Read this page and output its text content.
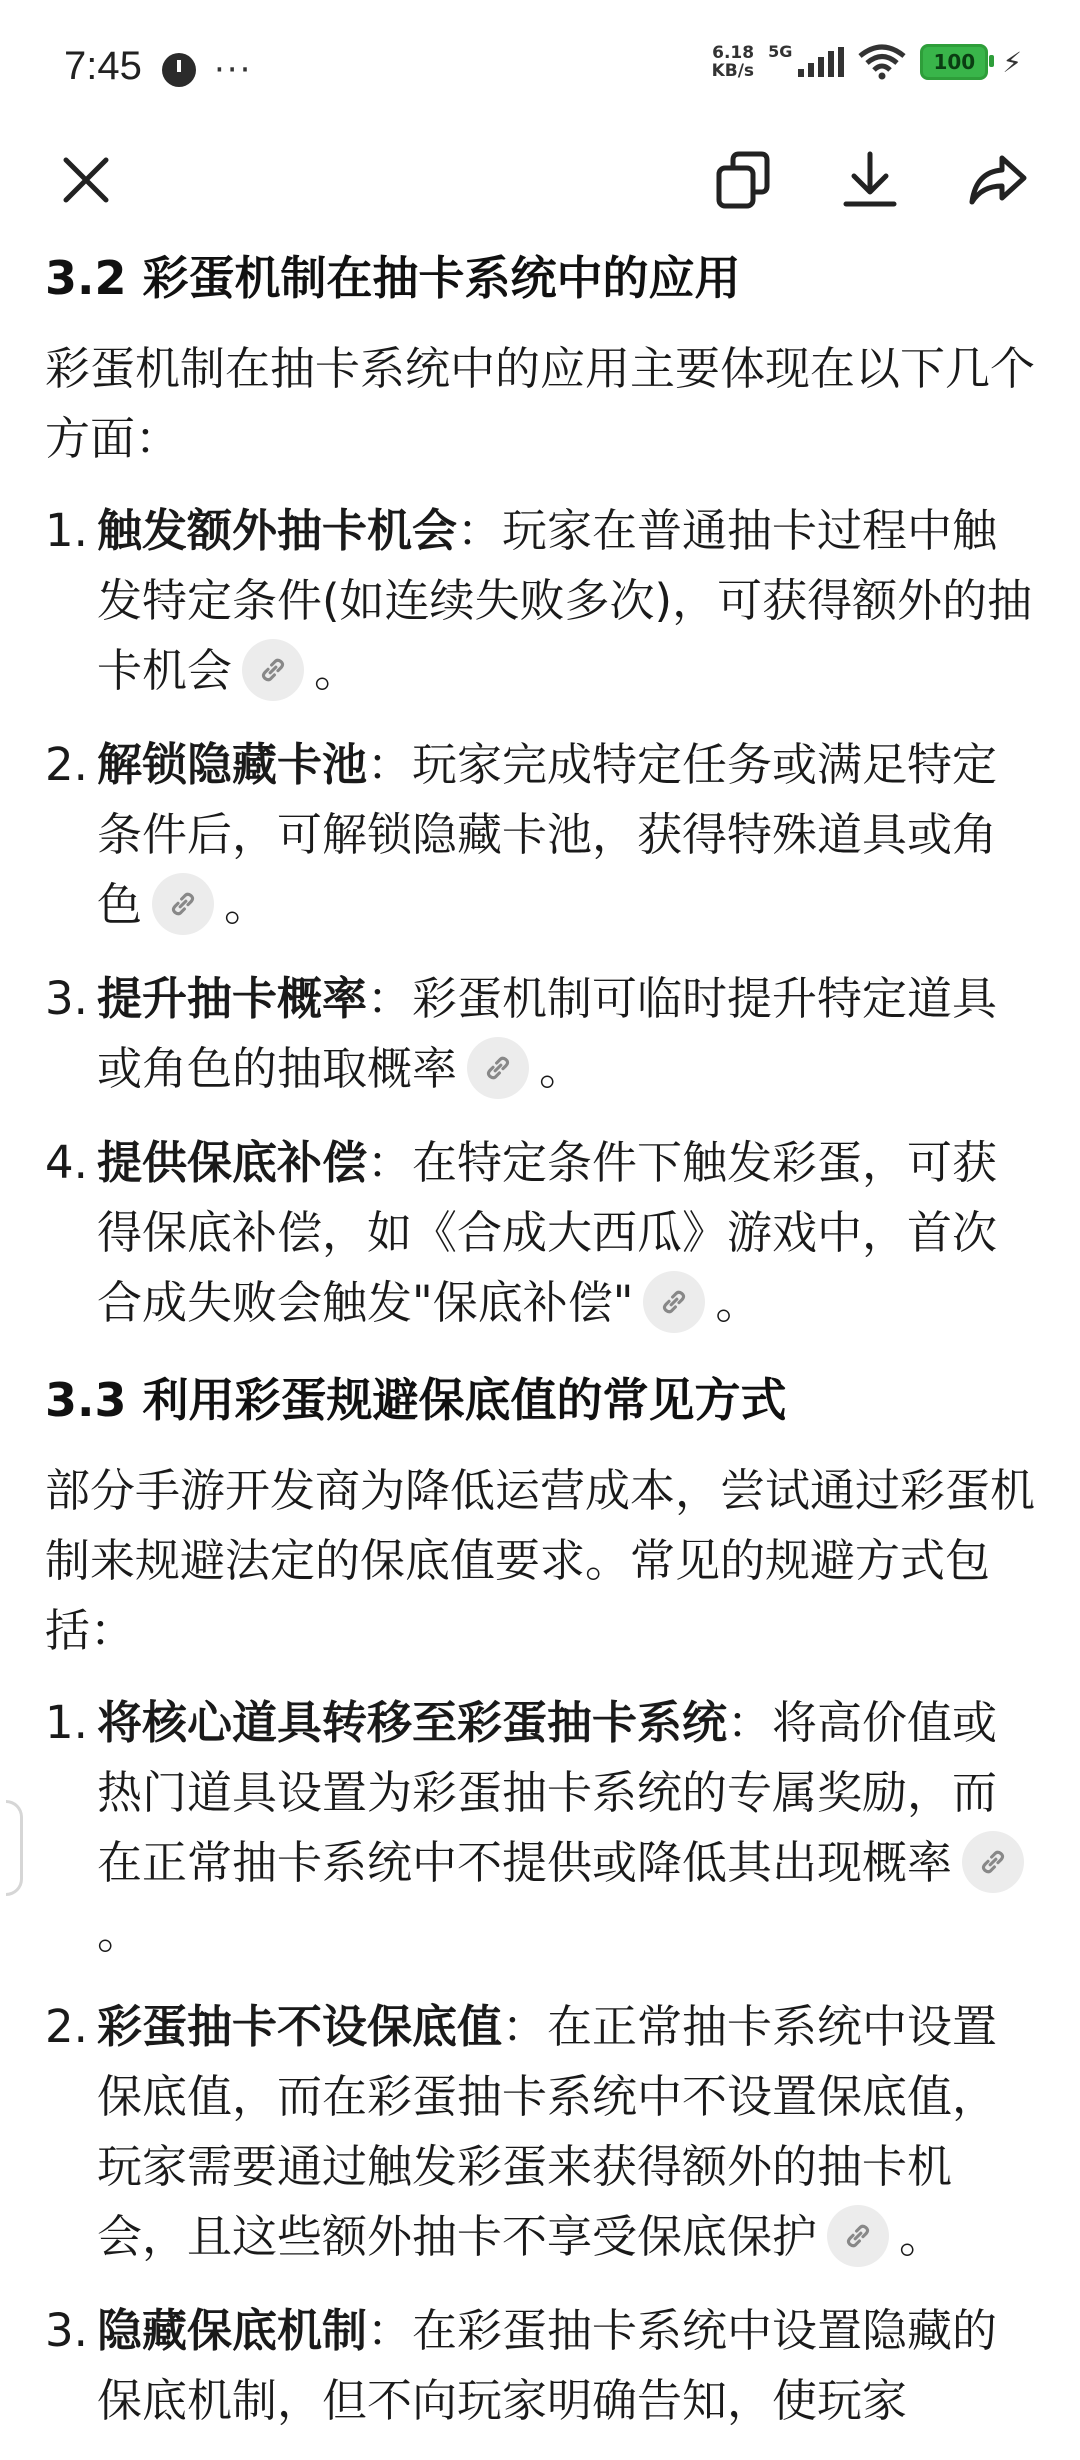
7:45 ···	6.18
KB/s
5G	100 ⚡
3.2 彩蛋机制在抽卡系统中的应用

彩蛋机制在抽卡系统中的应用主要体现在以下几个方面：

1. 触发额外抽卡机会：玩家在普通抽卡过程中触发特定条件(如连续失败多次)，可获得额外的抽卡机会 。
2. 解锁隐藏卡池：玩家完成特定任务或满足特定条件后，可解锁隐藏卡池，获得特殊道具或角色 。
3. 提升抽卡概率：彩蛋机制可临时提升特定道具或角色的抽取概率 。
4. 提供保底补偿：在特定条件下触发彩蛋，可获得保底补偿，如《合成大西瓜》游戏中，首次合成失败会触发"保底补偿" 。
3.3 利用彩蛋规避保底值的常见方式

部分手游开发商为降低运营成本，尝试通过彩蛋机制来规避法定的保底值要求。常见的规避方式包括：

1. 将核心道具转移至彩蛋抽卡系统：将高价值或热门道具设置为彩蛋抽卡系统的专属奖励，而在正常抽卡系统中不提供或降低其出现概率
。
2. 彩蛋抽卡不设保底值：在正常抽卡系统中设置保底值，而在彩蛋抽卡系统中不设置保底值，玩家需要通过触发彩蛋来获得额外的抽卡机会，且这些额外抽卡不享受保底保护 。
3. 隐藏保底机制：在彩蛋抽卡系统中设置隐藏的保底机制，但不向玩家明确告知，使玩家
